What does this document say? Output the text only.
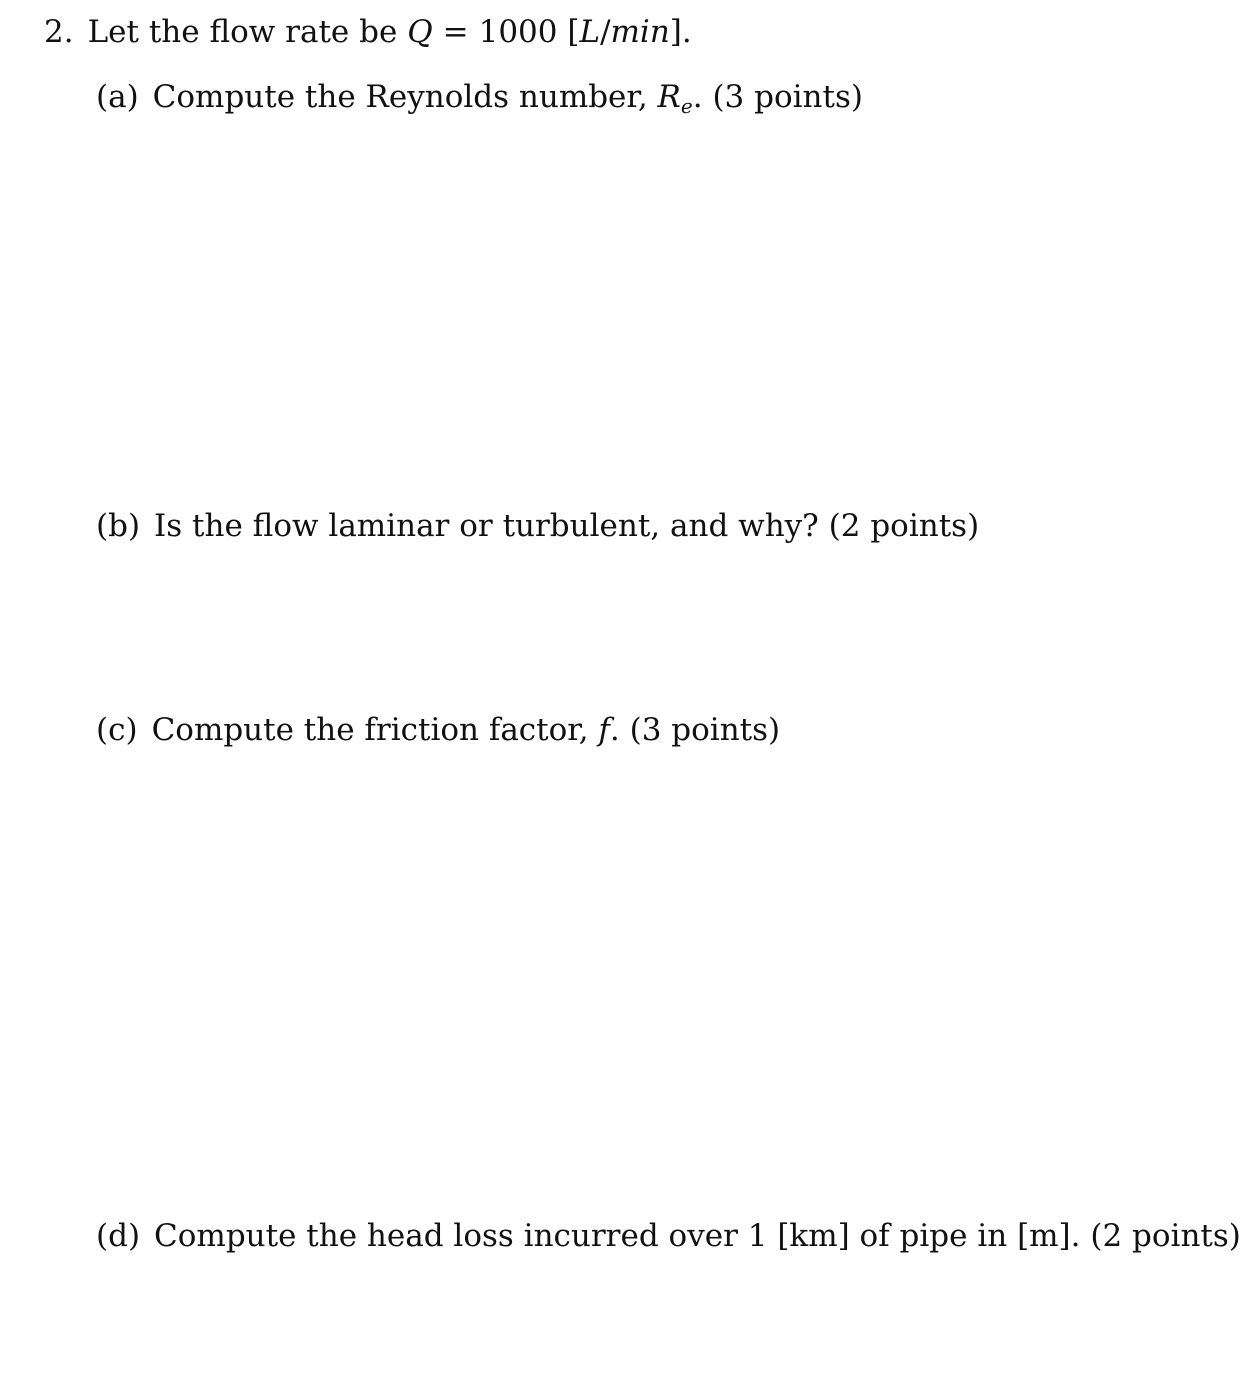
2. Let the flow rate be Q = 1000 [L/min].
(a) Compute the Reynolds number, $R_e$. (3 points)
(b) Is the flow laminar or turbulent, and why? (2 points)
(c) Compute the friction factor, f. (3 points)
(d) Compute the head loss incurred over 1 [km] of pipe in [m]. (2 points)
